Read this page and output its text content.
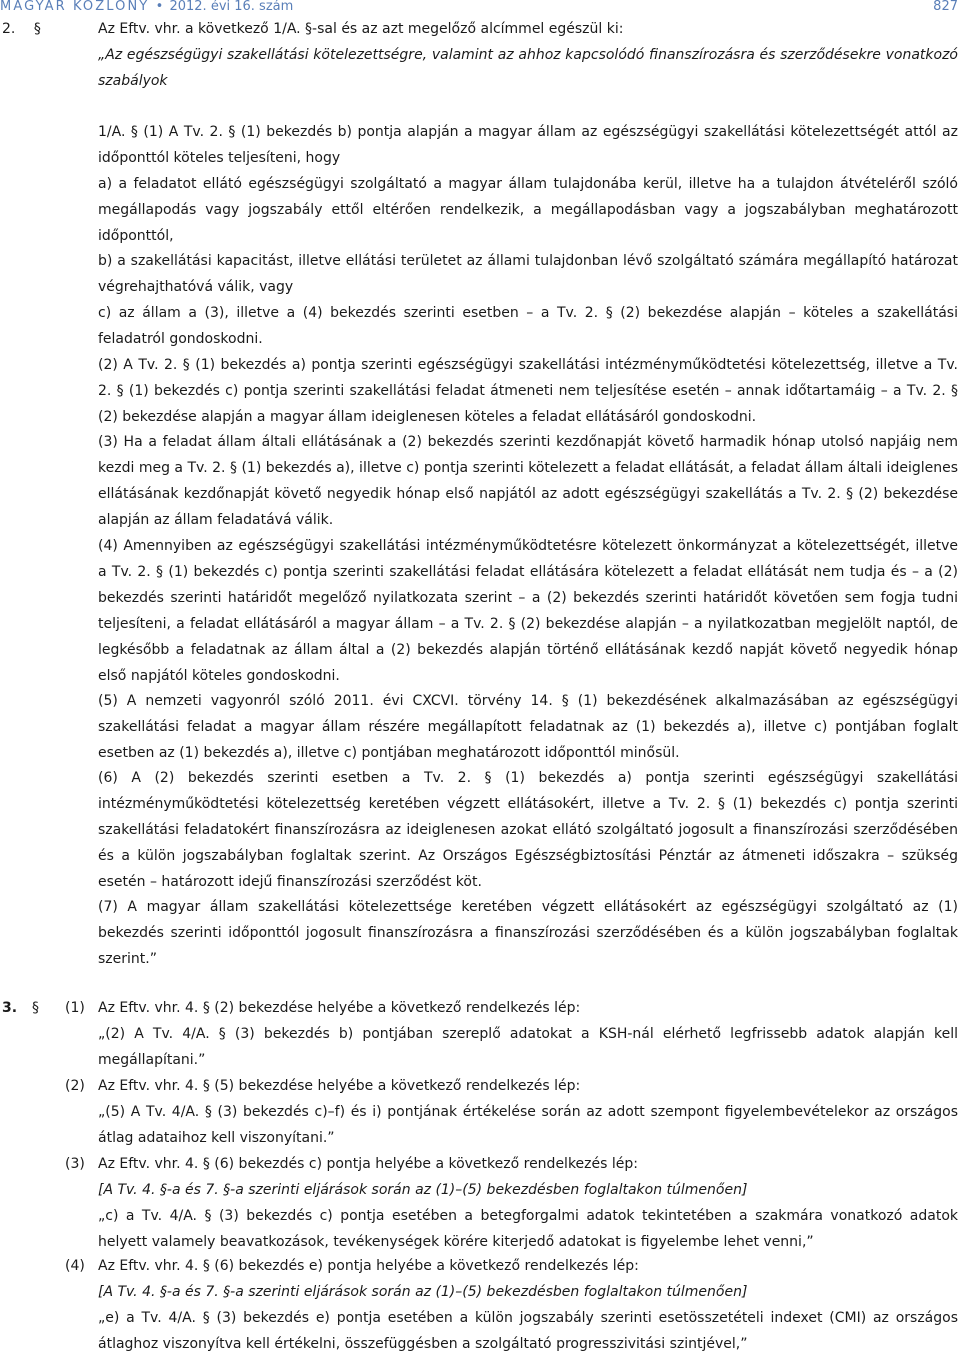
MAGYAR KÖZLÖNY • 2012. évi 16. szám	827
2. §	Az Eftv. vhr. a következő 1/A. §-sal és az azt megelőző alcímmel egészül ki:

„Az egészségügyi szakellátási kötelezettségre, valamint az ahhoz kapcsolódó finanszírozásra és szerződésekre vonatkozó szabályok

1/A. § (1) A Tv. 2. § (1) bekezdés b) pontja alapján a magyar állam az egészségügyi szakellátási kötelezettségét attól az időponttól köteles teljesíteni, hogy

a) a feladatot ellátó egészségügyi szolgáltató a magyar állam tulajdonába kerül, illetve ha a tulajdon átvételéről szóló megállapodás vagy jogszabály ettől eltérően rendelkezik, a megállapodásban vagy a jogszabályban meghatározott időponttól,

b) a szakellátási kapacitást, illetve ellátási területet az állami tulajdonban lévő szolgáltató számára megállapító határozat végrehajthatóvá válik, vagy

c) az állam a (3), illetve a (4) bekezdés szerinti esetben – a Tv. 2. § (2) bekezdése alapján – köteles a szakellátási feladatról gondoskodni.

(2) A Tv. 2. § (1) bekezdés a) pontja szerinti egészségügyi szakellátási intézményműködtetési kötelezettség, illetve a Tv. 2. § (1) bekezdés c) pontja szerinti szakellátási feladat átmeneti nem teljesítése esetén – annak időtartamáig – a Tv. 2. § (2) bekezdése alapján a magyar állam ideiglenesen köteles a feladat ellátásáról gondoskodni.

(3) Ha a feladat állam általi ellátásának a (2) bekezdés szerinti kezdőnapját követő harmadik hónap utolsó napjáig nem kezdi meg a Tv. 2. § (1) bekezdés a), illetve c) pontja szerinti kötelezett a feladat ellátását, a feladat állam általi ideiglenes ellátásának kezdőnapját követő negyedik hónap első napjától az adott egészségügyi szakellátás a Tv. 2. § (2) bekezdése alapján az állam feladatává válik.

(4) Amennyiben az egészségügyi szakellátási intézményműködtetésre kötelezett önkormányzat a kötelezettségét, illetve a Tv. 2. § (1) bekezdés c) pontja szerinti szakellátási feladat ellátására kötelezett a feladat ellátását nem tudja és – a (2) bekezdés szerinti határidőt megelőző nyilatkozata szerint – a (2) bekezdés szerinti határidőt követően sem fogja tudni teljesíteni, a feladat ellátásáról a magyar állam – a Tv. 2. § (2) bekezdése alapján – a nyilatkozatban megjelölt naptól, de legkésőbb a feladatnak az állam által a (2) bekezdés alapján történő ellátásának kezdő napját követő negyedik hónap első napjától köteles gondoskodni.

(5) A nemzeti vagyonról szóló 2011. évi CXCVI. törvény 14. § (1) bekezdésének alkalmazásában az egészségügyi szakellátási feladat a magyar állam részére megállapított feladatnak az (1) bekezdés a), illetve c) pontjában foglalt esetben az (1) bekezdés a), illetve c) pontjában meghatározott időponttól minősül.

(6) A (2) bekezdés szerinti esetben a Tv. 2. § (1) bekezdés a) pontja szerinti egészségügyi szakellátási intézményműködtetési kötelezettség keretében végzett ellátásokért, illetve a Tv. 2. § (1) bekezdés c) pontja szerinti szakellátási feladatokért finanszírozásra az ideiglenesen azokat ellátó szolgáltató jogosult a finanszírozási szerződésében és a külön jogszabályban foglaltak szerint. Az Országos Egészségbiztosítási Pénztár az átmeneti időszakra – szükség esetén – határozott idejű finanszírozási szerződést köt.

(7) A magyar állam szakellátási kötelezettsége keretében végzett ellátásokért az egészségügyi szolgáltató az (1) bekezdés szerinti időponttól jogosult finanszírozásra a finanszírozási szerződésében és a külön jogszabályban foglaltak szerint.”

3. § (1) Az Eftv. vhr. 4. § (2) bekezdése helyébe a következő rendelkezés lép:

„(2) A Tv. 4/A. § (3) bekezdés b) pontjában szereplő adatokat a KSH-nál elérhető legfrissebb adatok alapján kell megállapítani.”

(2) Az Eftv. vhr. 4. § (5) bekezdése helyébe a következő rendelkezés lép:

„(5) A Tv. 4/A. § (3) bekezdés c)–f) és i) pontjának értékelése során az adott szempont figyelembevételekor az országos átlag adataihoz kell viszonyítani.”

(3) Az Eftv. vhr. 4. § (6) bekezdés c) pontja helyébe a következő rendelkezés lép:

[A Tv. 4. §-a és 7. §-a szerinti eljárások során az (1)–(5) bekezdésben foglaltakon túlmenően]

„c) a Tv. 4/A. § (3) bekezdés c) pontja esetében a betegforgalmi adatok tekintetében a szakmára vonatkozó adatok helyett valamely beavatkozások, tevékenységek körére kiterjedő adatokat is figyelembe lehet venni,”

(4) Az Eftv. vhr. 4. § (6) bekezdés e) pontja helyébe a következő rendelkezés lép:

[A Tv. 4. §-a és 7. §-a szerinti eljárások során az (1)–(5) bekezdésben foglaltakon túlmenően]

„e) a Tv. 4/A. § (3) bekezdés e) pontja esetében a külön jogszabály szerinti esetösszetételi indexet (CMI) az országos átlaghoz viszonyítva kell értékelni, összefüggésben a szolgáltató progresszivitási szintjével,”
